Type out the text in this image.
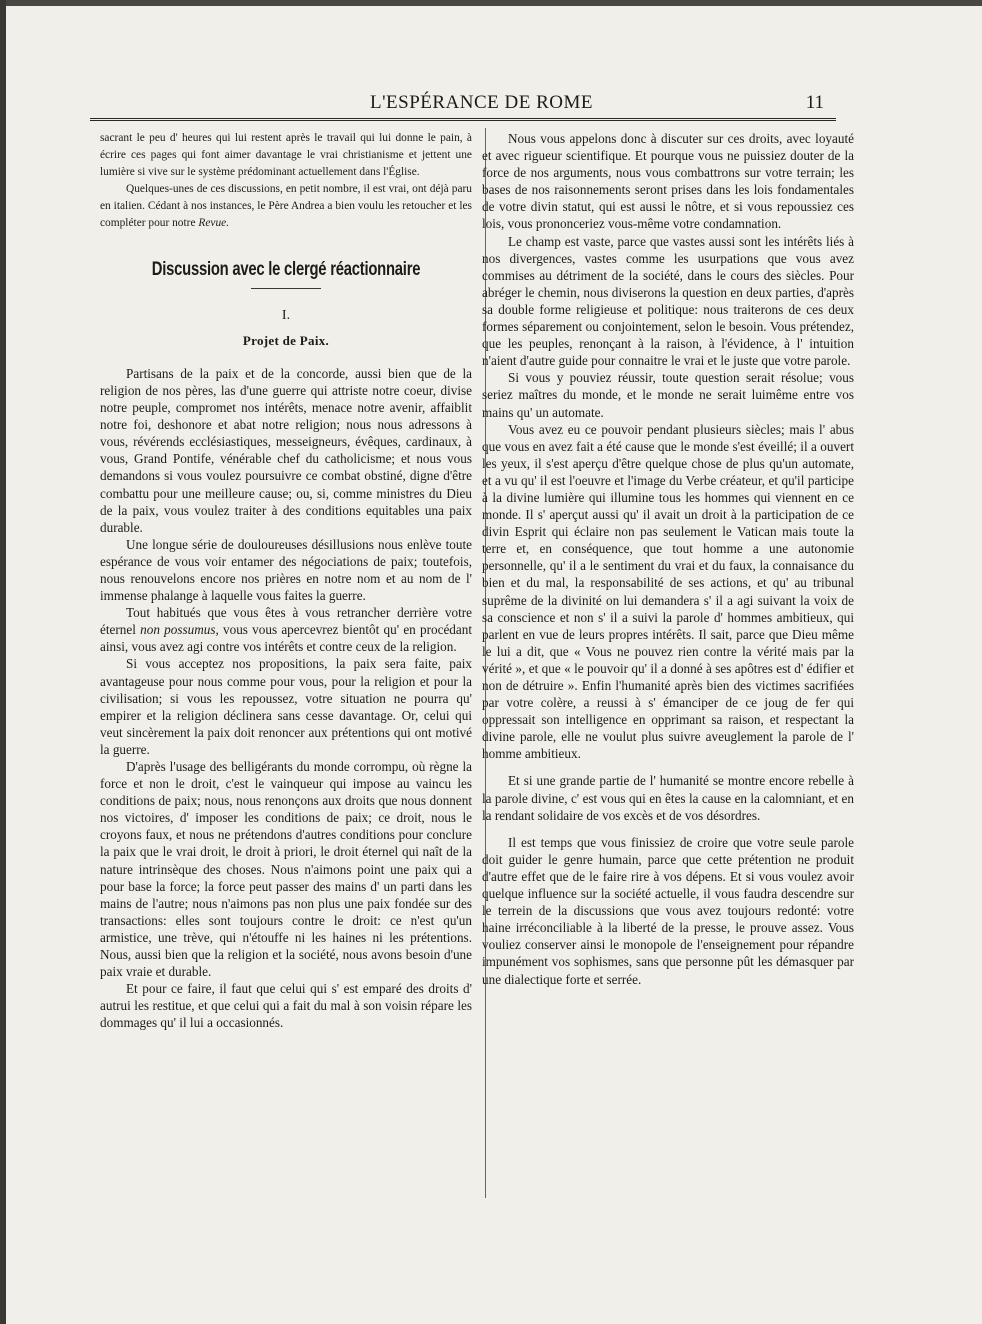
L'ESPÉRANCE DE ROME	11

sacrant le peu d' heures qui lui restent après le travail qui lui donne le pain, à écrire ces pages qui font aimer davantage le vrai christianisme et jettent une lumière si vive sur le système prédominant actuellement dans l'Église.

Quelques-unes de ces discussions, en petit nombre, il est vrai, ont déjà paru en italien. Cédant à nos instances, le Père Andrea a bien voulu les retoucher et les compléter pour notre Revue.

Discussion avec le clergé réactionnaire
I.
Projet de Paix.

Partisans de la paix et de la concorde, aussi bien que de la religion de nos pères, las d'une guerre qui attriste notre coeur, divise notre peuple, compromet nos intérêts, menace notre avenir, affaiblit notre foi, deshonore et abat notre religion; nous nous adressons à vous, révérends ecclésiastiques, messeigneurs, évêques, cardinaux, à vous, Grand Pontife, vénérable chef du catholicisme; et nous vous demandons si vous voulez poursuivre ce combat obstiné, digne d'être combattu pour une meilleure cause; ou, si, comme ministres du Dieu de la paix, vous voulez traiter à des conditions equitables una paix durable.

Une longue série de douloureuses désillusions nous enlève toute espérance de vous voir entamer des négociations de paix; toutefois, nous renouvelons encore nos prières en notre nom et au nom de l' immense phalange à laquelle vous faites la guerre.

Tout habitués que vous êtes à vous retrancher derrière votre éternel non possumus, vous vous apercevrez bientôt qu' en procédant ainsi, vous avez agi contre vos intérêts et contre ceux de la religion.

Si vous acceptez nos propositions, la paix sera faite, paix avantageuse pour nous comme pour vous, pour la religion et pour la civilisation; si vous les repoussez, votre situation ne pourra qu' empirer et la religion déclinera sans cesse davantage. Or, celui qui veut sincèrement la paix doit renoncer aux prétentions qui ont motivé la guerre.

D'après l'usage des belligérants du monde corrompu, où règne la force et non le droit, c'est le vainqueur qui impose au vaincu les conditions de paix; nous, nous renonçons aux droits que nous donnent nos victoires, d' imposer les conditions de paix; ce droit, nous le croyons faux, et nous ne prétendons d'autres conditions pour conclure la paix que le vrai droit, le droit à priori, le droit éternel qui naît de la nature intrinsèque des choses. Nous n'aimons point une paix qui a pour base la force; la force peut passer des mains d' un parti dans les mains de l'autre; nous n'aimons pas non plus une paix fondée sur des transactions: elles sont toujours contre le droit: ce n'est qu'un armistice, une trève, qui n'étouffe ni les haines ni les prétentions. Nous, aussi bien que la religion et la société, nous avons besoin d'une paix vraie et durable.

Et pour ce faire, il faut que celui qui s' est emparé des droits d' autrui les restitue, et que celui qui a fait du mal à son voisin répare les dommages qu' il lui a occasionnés.

Nous vous appelons donc à discuter sur ces droits, avec loyauté et avec rigueur scientifique. Et pourque vous ne puissiez douter de la force de nos arguments, nous vous combattrons sur votre terrain; les bases de nos raisonnements seront prises dans les lois fondamentales de votre divin statut, qui est aussi le nôtre, et si vous repoussiez ces lois, vous prononceriez vous-même votre condamnation.

Le champ est vaste, parce que vastes aussi sont les intérêts liés à nos divergences, vastes comme les usurpations que vous avez commises au détriment de la société, dans le cours des siècles. Pour abréger le chemin, nous diviserons la question en deux parties, d'après sa double forme religieuse et politique: nous traiterons de ces deux formes séparement ou conjointement, selon le besoin. Vous prétendez, que les peuples, renonçant à la raison, à l'évidence, à l' intuition n'aient d'autre guide pour connaitre le vrai et le juste que votre parole.

Si vous y pouviez réussir, toute question serait résolue; vous seriez maîtres du monde, et le monde ne serait luimême entre vos mains qu' un automate.

Vous avez eu ce pouvoir pendant plusieurs siècles; mais l' abus que vous en avez fait a été cause que le monde s'est éveillé; il a ouvert les yeux, il s'est aperçu d'être quelque chose de plus qu'un automate, et a vu qu' il est l'oeuvre et l'image du Verbe créateur, et qu'il participe à la divine lumière qui illumine tous les hommes qui viennent en ce monde. Il s' aperçut aussi qu' il avait un droit à la participation de ce divin Esprit qui éclaire non pas seulement le Vatican mais toute la terre et, en conséquence, que tout homme a une autonomie personnelle, qu' il a le sentiment du vrai et du faux, la connaisance du bien et du mal, la responsabilité de ses actions, et qu' au tribunal suprême de la divinité on lui demandera s' il a agi suivant la voix de sa conscience et non s' il a suivi la parole d' hommes ambitieux, qui parlent en vue de leurs propres intérêts. Il sait, parce que Dieu même le lui a dit, que « Vous ne pouvez rien contre la vérité mais par la vérité », et que « le pouvoir qu' il a donné à ses apôtres est d' édifier et non de détruire ». Enfin l'humanité après bien des victimes sacrifiées par votre colère, a reussi à s' émanciper de ce joug de fer qui oppressait son intelligence en opprimant sa raison, et respectant la divine parole, elle ne voulut plus suivre aveuglement la parole de l' homme ambitieux.

Et si une grande partie de l' humanité se montre encore rebelle à la parole divine, c' est vous qui en êtes la cause en la calomniant, et en la rendant solidaire de vos excès et de vos désordres.

Il est temps que vous finissiez de croire que votre seule parole doit guider le genre humain, parce que cette prétention ne produit d'autre effet que de le faire rire à vos dépens. Et si vous voulez avoir quelque influence sur la société actuelle, il vous faudra descendre sur le terrein de la discussions que vous avez toujours redonté: votre haine irréconciliable à la liberté de la presse, le prouve assez. Vous vouliez conserver ainsi le monopole de l'enseignement pour répandre impunément vos sophismes, sans que personne pût les démasquer par une dialectique forte et serrée.
